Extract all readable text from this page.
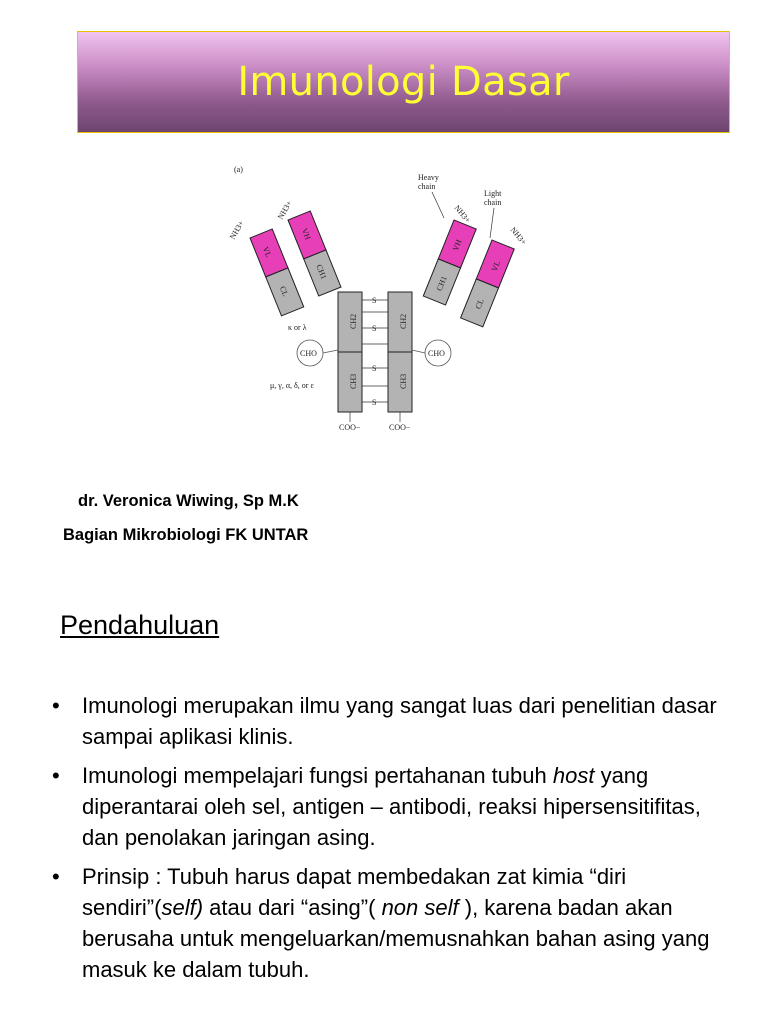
Imunologi Dasar
(a)
VL
CL
NH3+	VH
CH1
NH3+
VH
CH1
NH3+
VL
CL
NH3+
CH2
CH3
CH2
CH3
S
S
S
S
CHO	CHO
κ or λ
μ, γ, α, δ, or ε
Heavy
chain
Light
chain
COO−	COO−
dr. Veronica Wiwing, Sp M.K
Bagian Mikrobiologi FK UNTAR
Pendahuluan
• Imunologi merupakan ilmu yang sangat luas dari penelitian dasar sampai aplikasi klinis.
• Imunologi mempelajari fungsi pertahanan tubuh host yang diperantarai oleh sel, antigen – antibodi, reaksi hipersensitifitas, dan penolakan jaringan asing.
• Prinsip : Tubuh harus dapat membedakan zat kimia “diri sendiri”(self) atau dari “asing”( non self ), karena badan akan berusaha untuk mengeluarkan/memusnahkan bahan asing yang masuk ke dalam tubuh.
